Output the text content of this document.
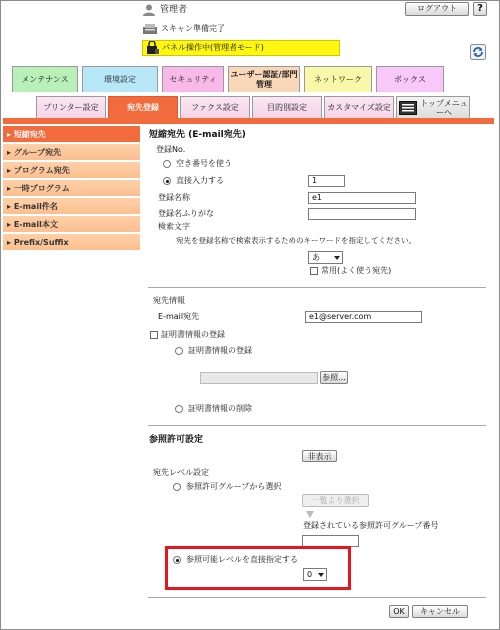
管理者	ログアウト	?
スキャン準備完了
パネル操作中(管理者モード)
メンテナンス	環境設定	セキュリティ
ユーザー認証/部門管理
ネットワーク	ボックス
プリンター設定	宛先登録	ファクス設定	目的別設定	カスタマイズ設定	トップメニューへ
▸ 短縮宛先
▸ グループ宛先
▸ プログラム宛先
▸ 一時プログラム
▸ E-mail件名
▸ E-mail本文
▸ Prefix/Suffix
短縮宛先 (E-mail宛先)
登録No.
空き番号を使う
直接入力する	1
登録名称	e1
登録名ふりがな
検索文字
宛先を登録名称で検索表示するためのキーワードを指定してください。
あ
常用(よく使う宛先)
宛先情報
E-mail宛先	e1@server.com
証明書情報の登録
証明書情報の登録
参照...
証明書情報の削除
参照許可設定
非表示
宛先レベル設定
参照許可グループから選択
一覧より選択
登録されている参照許可グループ番号
参照可能レベルを直接指定する
0
OK	キャンセル
